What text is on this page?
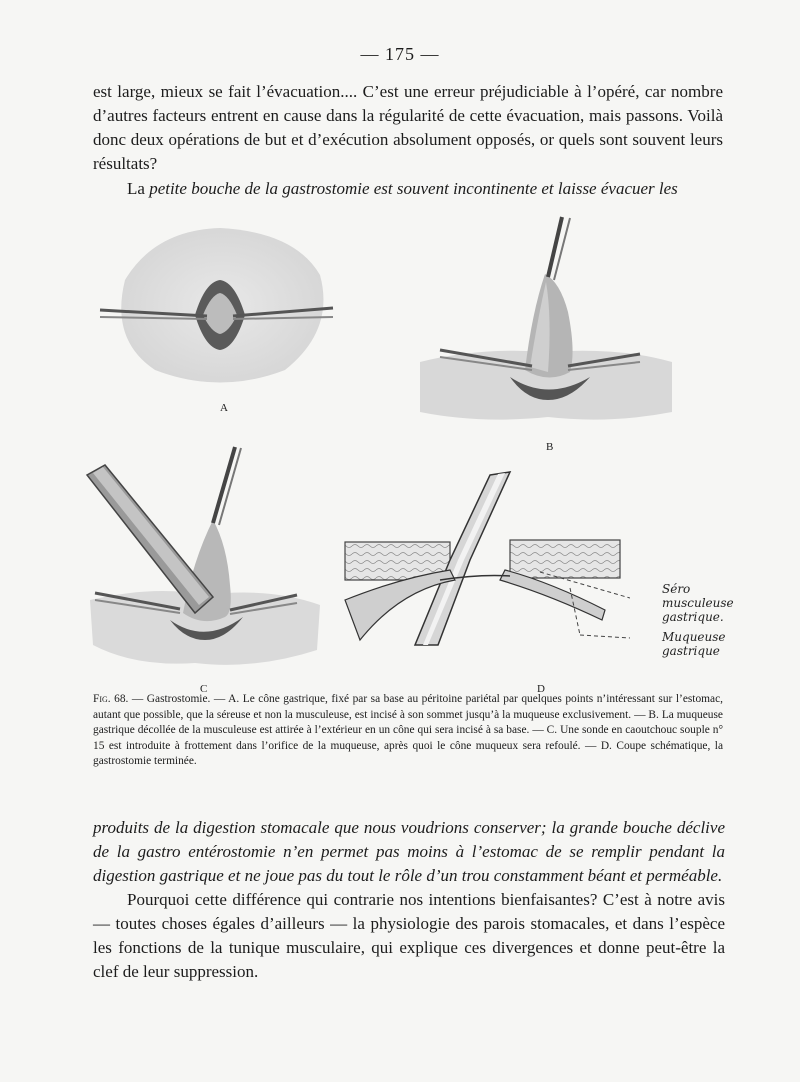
— 175 —

est large, mieux se fait l’évacuation.... C’est une erreur préjudiciable à l’opéré, car nombre d’autres facteurs entrent en cause dans la régularité de cette évacuation, mais passons. Voilà donc deux opérations de but et d’exécution absolument opposés, or quels sont souvent leurs résultats?

La petite bouche de la gastrostomie est souvent incontinente et laisse évacuer les

A
B
C	D
Séro musculeuse gastrique.
Muqueuse gastrique
Fig. 68. — Gastrostomie. — A. Le cône gastrique, fixé par sa base au péritoine pariétal par quelques points n’intéressant sur l’estomac, autant que possible, que la séreuse et non la musculeuse, est incisé à son sommet jusqu’à la muqueuse exclusivement. — B. La muqueuse gastrique décollée de la musculeuse est attirée à l’extérieur en un cône qui sera incisé à sa base. — C. Une sonde en caoutchouc souple n° 15 est introduite à frottement dans l’orifice de la muqueuse, après quoi le cône muqueux sera refoulé. — D. Coupe schématique, la gastrostomie terminée.

produits de la digestion stomacale que nous voudrions conserver; la grande bouche déclive de la gastro entérostomie n’en permet pas moins à l’estomac de se remplir pendant la digestion gastrique et ne joue pas du tout le rôle d’un trou constamment béant et perméable.

Pourquoi cette différence qui contrarie nos intentions bienfaisantes? C’est à notre avis — toutes choses égales d’ailleurs — la physiologie des parois stomacales, et dans l’espèce les fonctions de la tunique musculaire, qui explique ces divergences et donne peut-être la clef de leur suppression.
